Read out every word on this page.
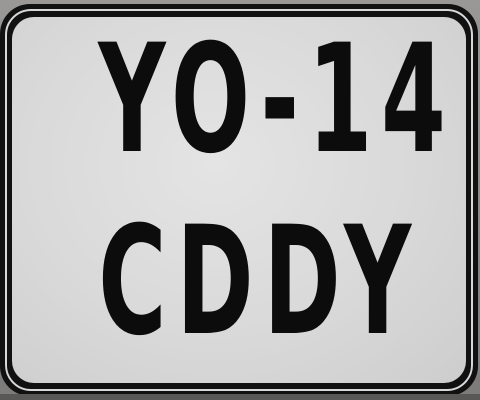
YO-14
CDDY
